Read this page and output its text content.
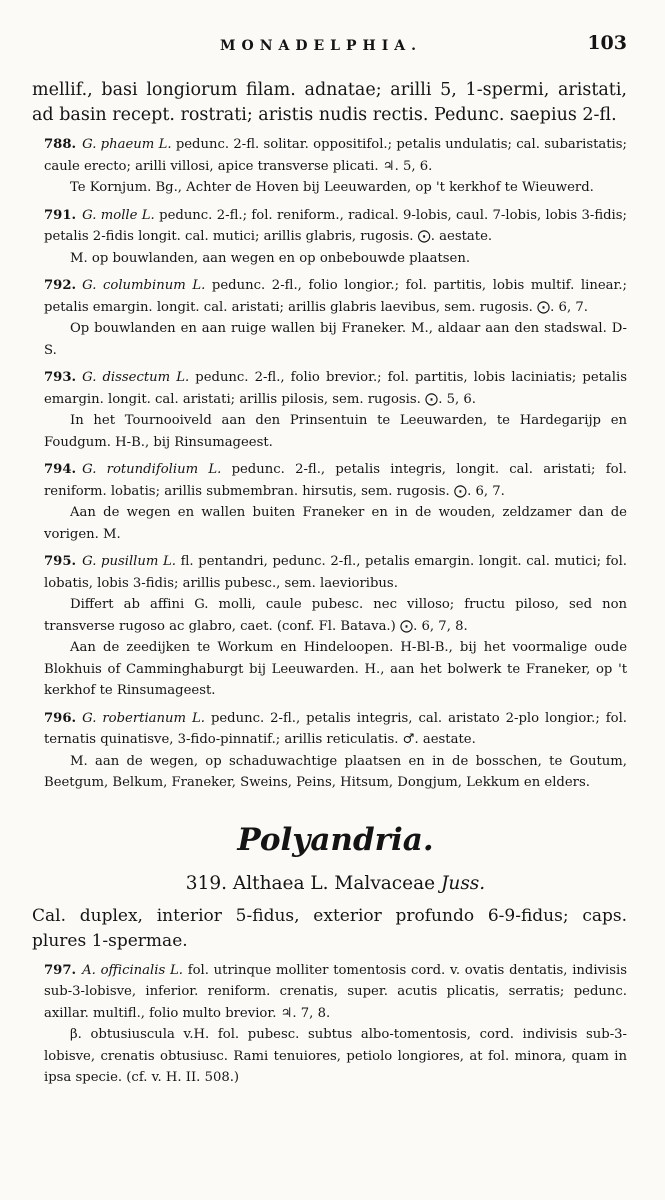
MONADELPHIA.	103

mellif., basi longiorum filam. adnatae; arilli 5, 1-spermi, aristati, ad basin recept. rostrati; aristis nudis rectis. Pedunc. saepius 2-fl.

788. G. phaeum L. pedunc. 2-fl. solitar. oppositifol.; petalis undulatis; cal. subaristatis; caule erecto; arilli villosi, apice transverse plicati. ♃. 5, 6.

Te Kornjum. Bg., Achter de Hoven bij Leeuwarden, op 't kerkhof te Wieuwerd.

791. G. molle L. pedunc. 2-fl.; fol. reniform., radical. 9-lobis, caul. 7-lobis, lobis 3-fidis; petalis 2-fidis longit. cal. mutici; arillis glabris, rugosis. ⨀. aestate.

M. op bouwlanden, aan wegen en op onbebouwde plaatsen.

792. G. columbinum L. pedunc. 2-fl., folio longior.; fol. partitis, lobis multif. linear.; petalis emargin. longit. cal. aristati; arillis glabris laevibus, sem. rugosis. ⨀. 6, 7.

Op bouwlanden en aan ruige wallen bij Franeker. M., aldaar aan den stadswal. D-S.

793. G. dissectum L. pedunc. 2-fl., folio brevior.; fol. partitis, lobis laciniatis; petalis emargin. longit. cal. aristati; arillis pilosis, sem. rugosis. ⨀. 5, 6.

In het Tournooiveld aan den Prinsentuin te Leeuwarden, te Hardegarijp en Foudgum. H-B., bij Rinsumageest.

794. G. rotundifolium L. pedunc. 2-fl., petalis integris, longit. cal. aristati; fol. reniform. lobatis; arillis submembran. hirsutis, sem. rugosis. ⨀. 6, 7.

Aan de wegen en wallen buiten Franeker en in de wouden, zeldzamer dan de vorigen. M.

795. G. pusillum L. fl. pentandri, pedunc. 2-fl., petalis emargin. longit. cal. mutici; fol. lobatis, lobis 3-fidis; arillis pubesc., sem. laevioribus.

Differt ab affini G. molli, caule pubesc. nec villoso; fructu piloso, sed non transverse rugoso ac glabro, caet. (conf. Fl. Batava.) ⨀. 6, 7, 8.

Aan de zeedijken te Workum en Hindeloopen. H-Bl-B., bij het voormalige oude Blokhuis of Camminghaburgt bij Leeuwarden. H., aan het bolwerk te Franeker, op 't kerkhof te Rinsumageest.

796. G. robertianum L. pedunc. 2-fl., petalis integris, cal. aristato 2-plo longior.; fol. ternatis quinatisve, 3-fido-pinnatif.; arillis reticulatis. ♂. aestate.

M. aan de wegen, op schaduwachtige plaatsen en in de bosschen, te Goutum, Beetgum, Belkum, Franeker, Sweins, Peins, Hitsum, Dongjum, Lekkum en elders.

Polyandria.
319. Althaea L. Malvaceae Juss.

Cal. duplex, interior 5-fidus, exterior profundo 6-9-fidus; caps. plures 1-spermae.

797. A. officinalis L. fol. utrinque molliter tomentosis cord. v. ovatis dentatis, indivisis sub-3-lobisve, inferior. reniform. crenatis, super. acutis plicatis, serratis; pedunc. axillar. multifl., folio multo brevior. ♃. 7, 8.

β. obtusiuscula v.H. fol. pubesc. subtus albo-tomentosis, cord. indivisis sub-3-lobisve, crenatis obtusiusc. Rami tenuiores, petiolo longiores, at fol. minora, quam in ipsa specie. (cf. v. H. II. 508.)
